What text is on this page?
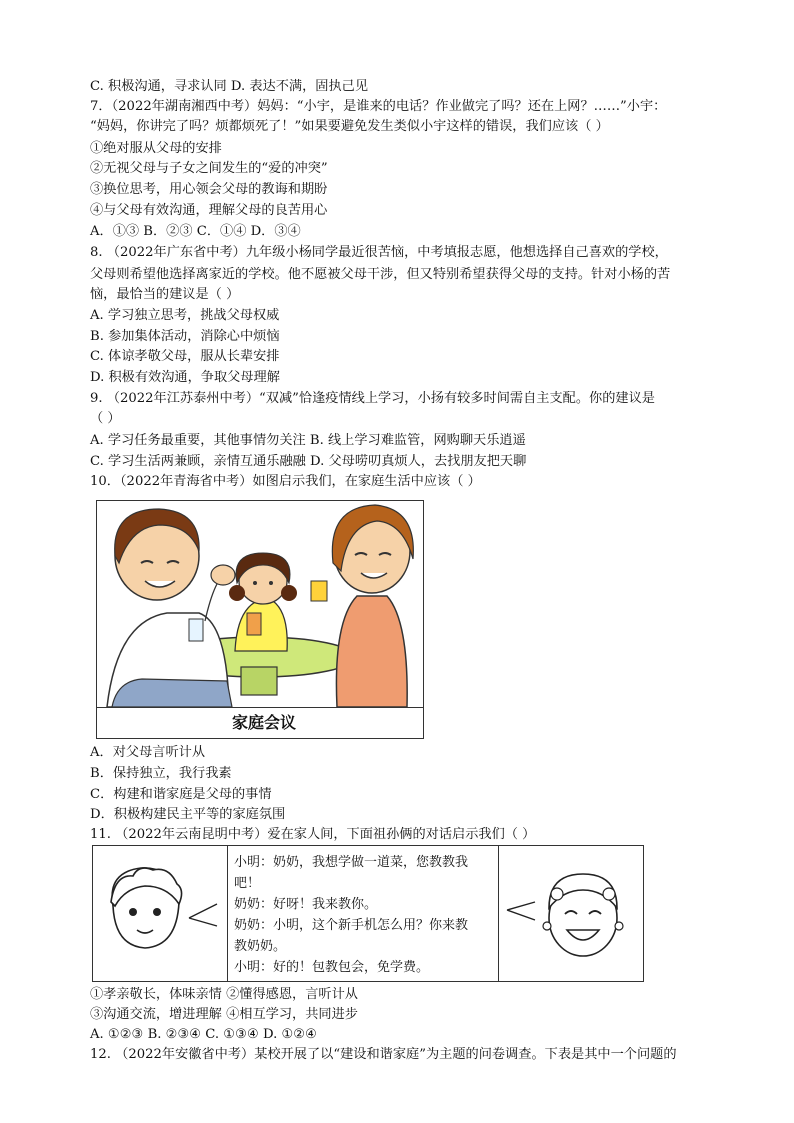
C. 积极沟通，寻求认同 D. 表达不满，固执己见
7．（2022年湖南湘西中考）妈妈：“小宇，是谁来的电话？作业做完了吗？还在上网？……”小宇：
“妈妈，你讲完了吗？烦都烦死了！”如果要避免发生类似小宇这样的错误，我们应该（ ）
①绝对服从父母的安排
②无视父母与子女之间发生的“爱的冲突”
③换位思考，用心领会父母的教诲和期盼
④与父母有效沟通，理解父母的良苦用心
A．①③ B．②③ C．①④ D．③④
8. （2022年广东省中考）九年级小杨同学最近很苦恼，中考填报志愿，他想选择自己喜欢的学校，
父母则希望他选择离家近的学校。他不愿被父母干涉，但又特别希望获得父母的支持。针对小杨的苦
恼，最恰当的建议是（ ）
A. 学习独立思考，挑战父母权威
B. 参加集体活动，消除心中烦恼
C. 体谅孝敬父母，服从长辈安排
D. 积极有效沟通，争取父母理解
9. （2022年江苏泰州中考）“双减”恰逢疫情线上学习，小扬有较多时间需自主支配。你的建议是
（ ）
A. 学习任务最重要，其他事情勿关注 B. 线上学习难监管，网购聊天乐逍遥
C. 学习生活两兼顾，亲情互通乐融融 D. 父母唠叨真烦人，去找朋友把天聊
10．（2022年青海省中考）如图启示我们，在家庭生活中应该（ ）
家庭会议
A．对父母言听计从
B．保持独立，我行我素
C．构建和谐家庭是父母的事情
D．积极构建民主平等的家庭氛围
11. （2022年云南昆明中考）爱在家人间，下面祖孙俩的对话启示我们（ ）
小明：奶奶，我想学做一道菜，您教教我
吧！
奶奶：好呀！我来教你。
奶奶：小明，这个新手机怎么用？你来教
教奶奶。
小明：好的！包教包会，免学费。
①孝亲敬长，体味亲情 ②懂得感恩，言听计从
③沟通交流，增进理解 ④相互学习，共同进步
A. ①②③ B. ②③④ C. ①③④ D. ①②④
12. （2022年安徽省中考）某校开展了以“建设和谐家庭”为主题的问卷调查。下表是其中一个问题的
